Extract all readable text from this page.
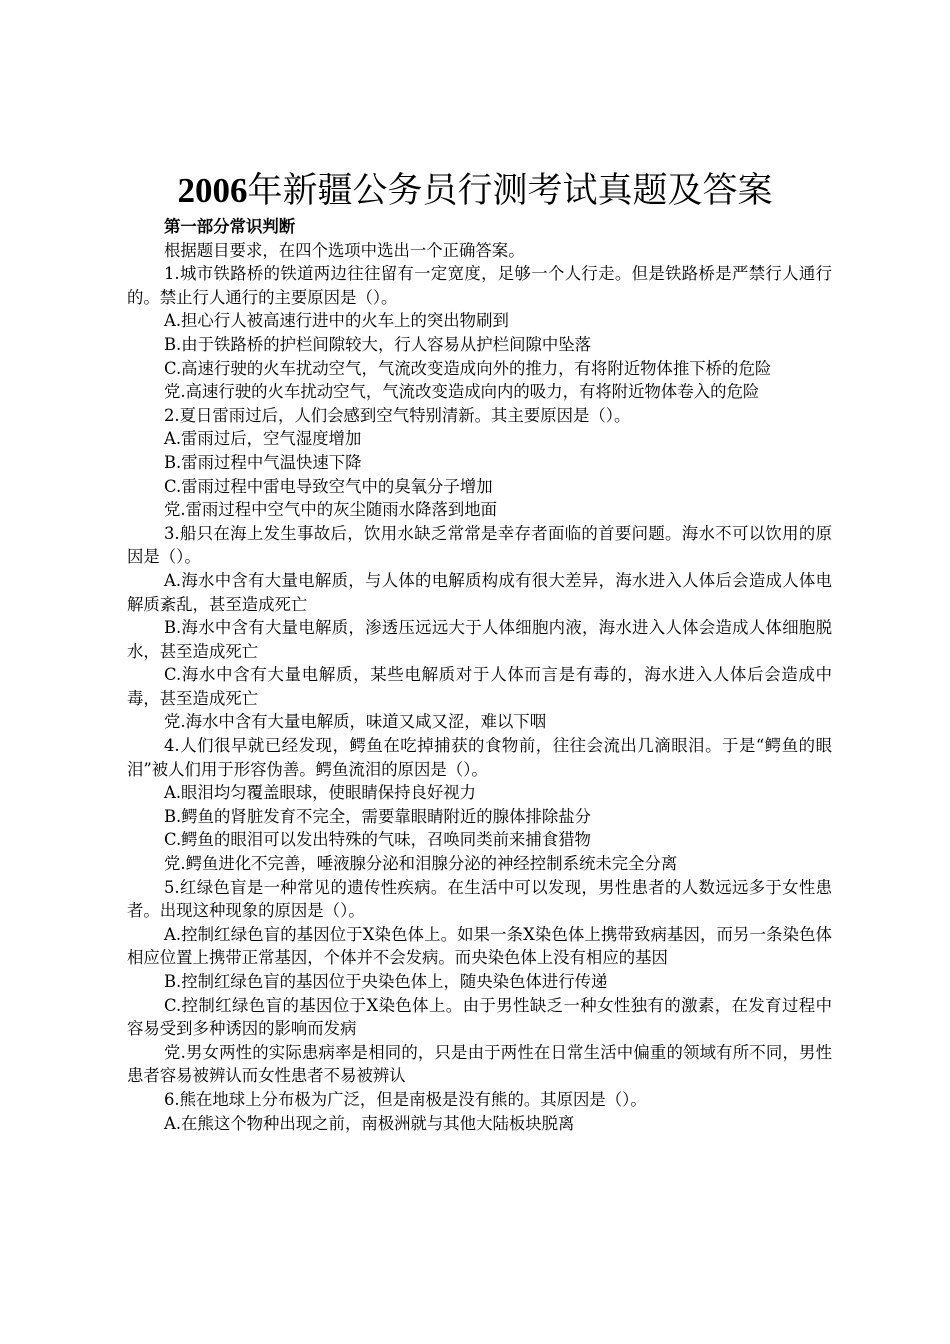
2006年新疆公务员行测考试真题及答案

第一部分常识判断

根据题目要求，在四个选项中选出一个正确答案。

1.城市铁路桥的铁道两边往往留有一定宽度，足够一个人行走。但是铁路桥是严禁行人通行的。禁止行人通行的主要原因是（）。

A.担心行人被高速行进中的火车上的突出物刷到

B.由于铁路桥的护栏间隙较大，行人容易从护栏间隙中坠落

C.高速行驶的火车扰动空气，气流改变造成向外的推力，有将附近物体推下桥的危险

党.高速行驶的火车扰动空气，气流改变造成向内的吸力，有将附近物体卷入的危险

2.夏日雷雨过后，人们会感到空气特别清新。其主要原因是（）。

A.雷雨过后，空气湿度增加

B.雷雨过程中气温快速下降

C.雷雨过程中雷电导致空气中的臭氧分子增加

党.雷雨过程中空气中的灰尘随雨水降落到地面

3.船只在海上发生事故后，饮用水缺乏常常是幸存者面临的首要问题。海水不可以饮用的原因是（）。

A.海水中含有大量电解质，与人体的电解质构成有很大差异，海水进入人体后会造成人体电解质紊乱，甚至造成死亡

B.海水中含有大量电解质，渗透压远远大于人体细胞内液，海水进入人体会造成人体细胞脱水，甚至造成死亡

C.海水中含有大量电解质，某些电解质对于人体而言是有毒的，海水进入人体后会造成中毒，甚至造成死亡

党.海水中含有大量电解质，味道又咸又涩，难以下咽

4.人们很早就已经发现，鳄鱼在吃掉捕获的食物前，往往会流出几滴眼泪。于是“鳄鱼的眼泪”被人们用于形容伪善。鳄鱼流泪的原因是（）。

A.眼泪均匀覆盖眼球，使眼睛保持良好视力

B.鳄鱼的肾脏发育不完全，需要靠眼睛附近的腺体排除盐分

C.鳄鱼的眼泪可以发出特殊的气味，召唤同类前来捕食猎物

党.鳄鱼进化不完善，唾液腺分泌和泪腺分泌的神经控制系统未完全分离

5.红绿色盲是一种常见的遗传性疾病。在生活中可以发现，男性患者的人数远远多于女性患者。出现这种现象的原因是（）。

A.控制红绿色盲的基因位于X染色体上。如果一条X染色体上携带致病基因，而另一条染色体相应位置上携带正常基因，个体并不会发病。而央染色体上没有相应的基因

B.控制红绿色盲的基因位于央染色体上，随央染色体进行传递

C.控制红绿色盲的基因位于X染色体上。由于男性缺乏一种女性独有的激素，在发育过程中容易受到多种诱因的影响而发病

党.男女两性的实际患病率是相同的，只是由于两性在日常生活中偏重的领域有所不同，男性患者容易被辨认而女性患者不易被辨认

6.熊在地球上分布极为广泛，但是南极是没有熊的。其原因是（）。

A.在熊这个物种出现之前，南极洲就与其他大陆板块脱离
